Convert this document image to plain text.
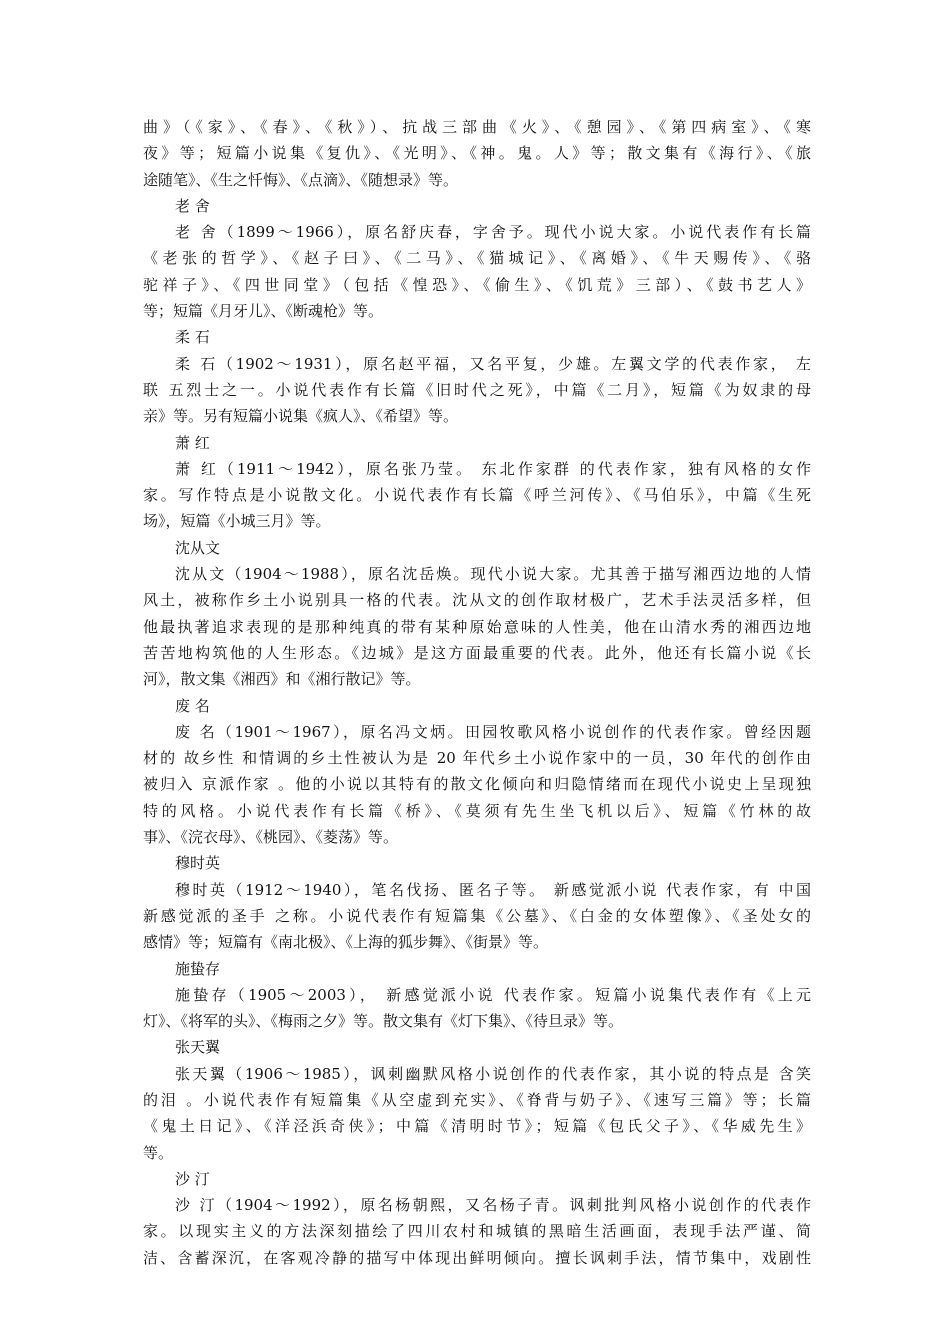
曲》（《家》、《春》、《秋》）、抗战三部曲《火》、《憩园》、《第四病室》、《寒
夜》等；短篇小说集《复仇》、《光明》、《神。鬼。人》等；散文集有《海行》、《旅
途随笔》、《生之忏悔》、《点滴》、《随想录》等。
老 舍
老 舍（1899～1966），原名舒庆春，字舍予。现代小说大家。小说代表作有长篇
《老张的哲学》、《赵子曰》、《二马》、《猫城记》、《离婚》、《牛天赐传》、《骆
驼祥子》、《四世同堂》（包括《惶恐》、《偷生》、《饥荒》三部）、《鼓书艺人》
等；短篇《月牙儿》、《断魂枪》等。
柔 石
柔 石（1902～1931），原名赵平福，又名平复，少雄。左翼文学的代表作家， 左
联 五烈士之一。小说代表作有长篇《旧时代之死》，中篇《二月》，短篇《为奴隶的母
亲》等。另有短篇小说集《疯人》、《希望》等。
萧 红
萧 红（1911～1942），原名张乃莹。 东北作家群 的代表作家，独有风格的女作
家。写作特点是小说散文化。小说代表作有长篇《呼兰河传》、《马伯乐》，中篇《生死
场》，短篇《小城三月》等。
沈从文
沈从文（1904～1988），原名沈岳焕。现代小说大家。尤其善于描写湘西边地的人情
风土，被称作乡土小说别具一格的代表。沈从文的创作取材极广，艺术手法灵活多样，但
他最执著追求表现的是那种纯真的带有某种原始意味的人性美，他在山清水秀的湘西边地
苦苦地构筑他的人生形态。《边城》是这方面最重要的代表。此外，他还有长篇小说《长
河》，散文集《湘西》和《湘行散记》等。
废 名
废 名（1901～1967），原名冯文炳。田园牧歌风格小说创作的代表作家。曾经因题
材的 故乡性 和情调的乡土性被认为是 20 年代乡土小说作家中的一员，30 年代的创作由
被归入 京派作家 。他的小说以其特有的散文化倾向和归隐情绪而在现代小说史上呈现独
特的风格。小说代表作有长篇《桥》、《莫须有先生坐飞机以后》、短篇《竹林的故
事》、《浣衣母》、《桃园》、《菱荡》等。
穆时英
穆时英（1912～1940），笔名伐扬、匿名子等。 新感觉派小说 代表作家，有 中国
新感觉派的圣手 之称。小说代表作有短篇集《公墓》、《白金的女体塑像》、《圣处女的
感情》等；短篇有《南北极》、《上海的狐步舞》、《街景》等。
施蛰存
施蛰存（1905～2003）， 新感觉派小说 代表作家。短篇小说集代表作有《上元
灯》、《将军的头》、《梅雨之夕》等。散文集有《灯下集》、《待旦录》等。
张天翼
张天翼（1906～1985），讽刺幽默风格小说创作的代表作家，其小说的特点是 含笑
的泪 。小说代表作有短篇集《从空虚到充实》、《脊背与奶子》、《速写三篇》等；长篇
《鬼土日记》、《洋泾浜奇侠》；中篇《清明时节》；短篇《包氏父子》、《华威先生》
等。
沙 汀
沙 汀（1904～1992），原名杨朝熙，又名杨子青。讽刺批判风格小说创作的代表作
家。以现实主义的方法深刻描绘了四川农村和城镇的黑暗生活画面，表现手法严谨、简
洁、含蓄深沉，在客观冷静的描写中体现出鲜明倾向。擅长讽刺手法，情节集中，戏剧性
